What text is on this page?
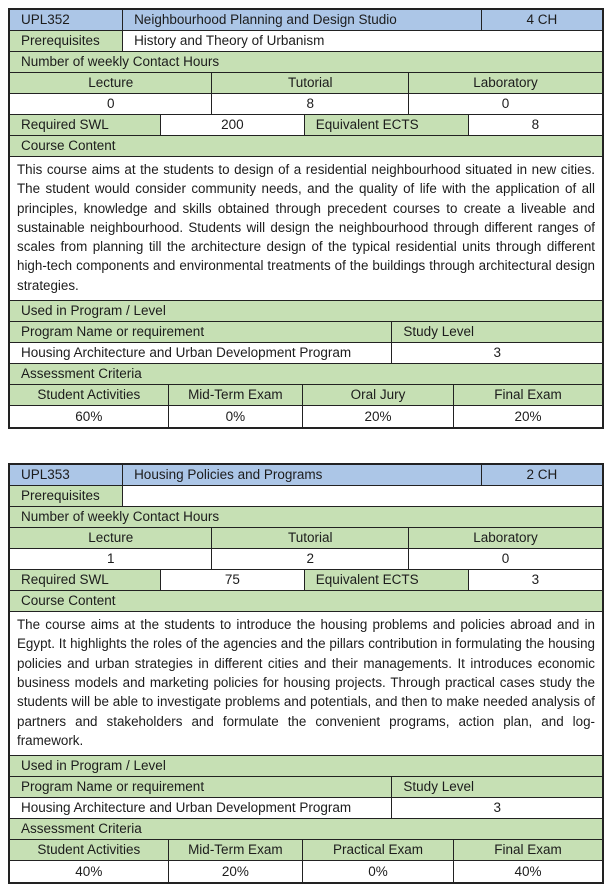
UPL352	Neighbourhood Planning and Design Studio	4 CH
Prerequisites	History and Theory of Urbanism
Number of weekly Contact Hours
Lecture	Tutorial	Laboratory
0	8	0
Required SWL	200	Equivalent ECTS	8
Course Content
This course aims at the students to design of a residential neighbourhood situated in new cities. The student would consider community needs, and the quality of life with the application of all principles, knowledge and skills obtained through precedent courses to create a liveable and sustainable neighbourhood. Students will design the neighbourhood through different ranges of scales from planning till the architecture design of the typical residential units through different high-tech components and environmental treatments of the buildings through architectural design strategies.
Used in Program / Level
Program Name or requirement	Study Level
Housing Architecture and Urban Development Program	3
Assessment Criteria
Student Activities	Mid-Term Exam	Oral Jury	Final Exam
60%	0%	20%	20%
UPL353	Housing Policies and Programs	2 CH
Prerequisites
Number of weekly Contact Hours
Lecture	Tutorial	Laboratory
1	2	0
Required SWL	75	Equivalent ECTS	3
Course Content
The course aims at the students to introduce the housing problems and policies abroad and in Egypt. It highlights the roles of the agencies and the pillars contribution in formulating the housing policies and urban strategies in different cities and their managements. It introduces economic business models and marketing policies for housing projects. Through practical cases study the students will be able to investigate problems and potentials, and then to make needed analysis of partners and stakeholders and formulate the convenient programs, action plan, and log-framework.
Used in Program / Level
Program Name or requirement	Study Level
Housing Architecture and Urban Development Program	3
Assessment Criteria
Student Activities	Mid-Term Exam	Practical Exam	Final Exam
40%	20%	0%	40%
